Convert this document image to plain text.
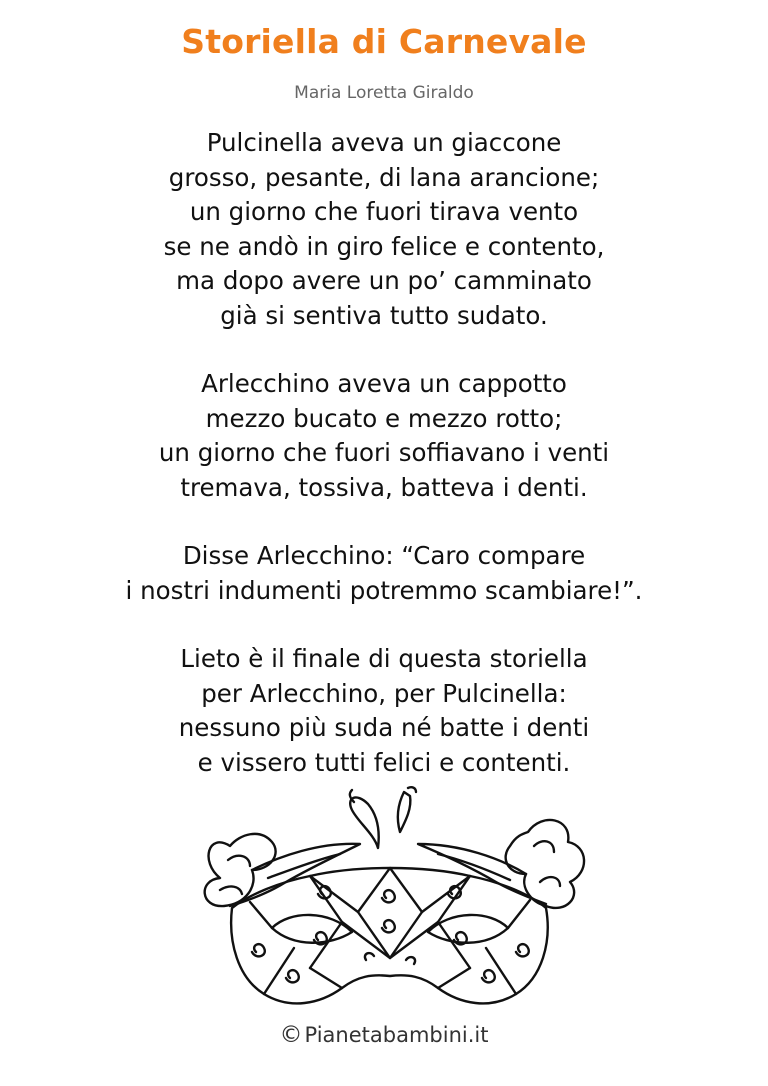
Storiella di Carnevale

Maria Loretta Giraldo

Pulcinella aveva un giaccone
grosso, pesante, di lana arancione;
un giorno che fuori tirava vento
se ne andò in giro felice e contento,
ma dopo avere un po’ camminato
già si sentiva tutto sudato.

Arlecchino aveva un cappotto
mezzo bucato e mezzo rotto;
un giorno che fuori soffiavano i venti
tremava, tossiva, batteva i denti.

Disse Arlecchino: “Caro compare
i nostri indumenti potremmo scambiare!”.

Lieto è il finale di questa storiella
per Arlecchino, per Pulcinella:
nessuno più suda né batte i denti
e vissero tutti felici e contenti.

©Pianetabambini.it
